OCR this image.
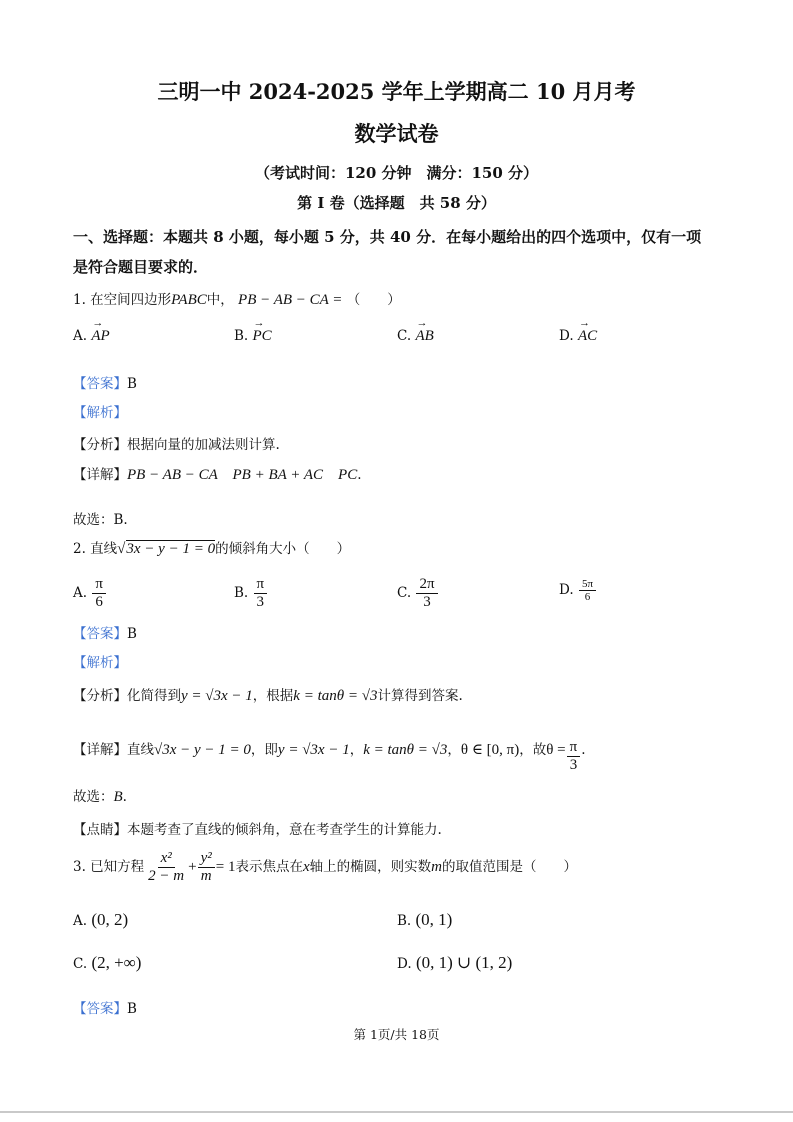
三明一中 2024-2025 学年上学期高二 10 月月考
数学试卷
（考试时间：120 分钟　满分：150 分）
第 I 卷（选择题　共 58 分）
一、选择题：本题共 8 小题，每小题 5 分，共 40 分．在每小题给出的四个选项中，仅有一项
是符合题目要求的．
1. 在空间四边形PABC中， PB − AB − CA = （　　）
A. → AP	B. → PC	C. → AB	D. → AC
【答案】B
【解析】
【分析】根据向量的加减法则计算.
【详解】PB − AB − CA　PB + BA + AC　PC.
故选：B.
2. 直线√3x − y − 1 = 0的倾斜角大小（　　）
A. $\frac{\pi}{6}$	B. $\frac{\pi}{3}$	C. $\frac{2\pi}{3}$	D. $\frac{5\pi}{6}$
【答案】B
【解析】
【分析】化简得到y = √3x − 1，根据k = tanθ = √3计算得到答案.
【详解】直线√3x − y − 1 = 0，即y = √3x − 1，k = tanθ = √3，θ ∈ [0, π)，故$\theta = \frac{\pi}{3}$ .
故选：B.
【点睛】本题考查了直线的倾斜角，意在考查学生的计算能力.
3. 已知方程 $\frac{\text{x²}}{2 - m} + \frac{\text{y²}}{m} = 1$表示焦点在x轴上的椭圆，则实数m的取值范围是（　　）
A. (0, 2)	B. (0, 1)
C. (2, +∞)	D. (0, 1) ∪ (1, 2)
【答案】B
第 1页/共 18页
